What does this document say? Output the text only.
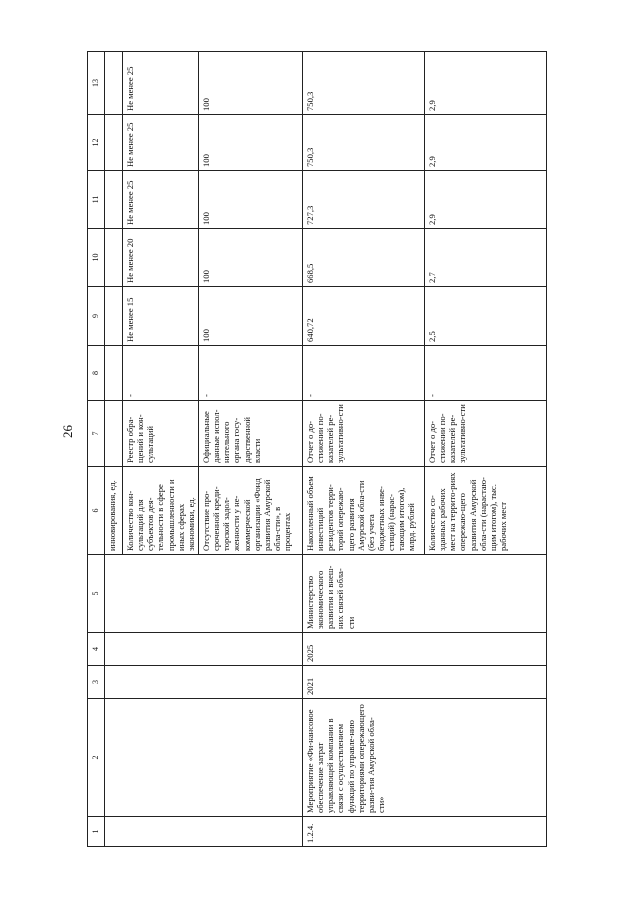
26
1	2	3	4	5	6	7	8	9	10	11	12	13
					инновирования, ед.							
					Количество кон-сультаций для субъектов дея-тельности в сфере промышленности и иных сферах экономики, ед.	Реестр обра-щений и кон-сультаций	-	Не менее 15	Не менее 20	Не менее 25	Не менее 25	Не менее 25
					Отсутствие про-сроченной креди-торской задол-женности у не-коммерческой организации «Фонд развития Амурской обла-сти», в процентах	Официальные данные испол-нительного органа госу-дарственной власти	-	100	100	100	100	100
1.2.4.	Мероприятие «Фи-нансовое обеспечение затрат управляющей компании в связи с осуществлением функций по управле-нию территориями опережающего разви-тия Амурской обла-сти»	2021	2025	Министерство экономического развития и внеш-них связей обла-сти	Накопленный объем инвестиций резидентов терри-торий опережаю-щего развития Амурской обла-сти (без учета бюджетных инве-стиций) (нарас-тающим итогом), млрд. рублей	Отчет о до-стижении по-казателей ре-зультативно-сти	-	640,72	668,5	727,3	750,3	750,3
					Количество со-зданных рабочих мест на террито-риях опережаю-щего развития Амурской обла-сти (нарастаю-щим итогом), тыс. рабочих мест	Отчет о до-стижении по-казателей ре-зультативно-сти	-	2,5	2,7	2,9	2,9	2,9
